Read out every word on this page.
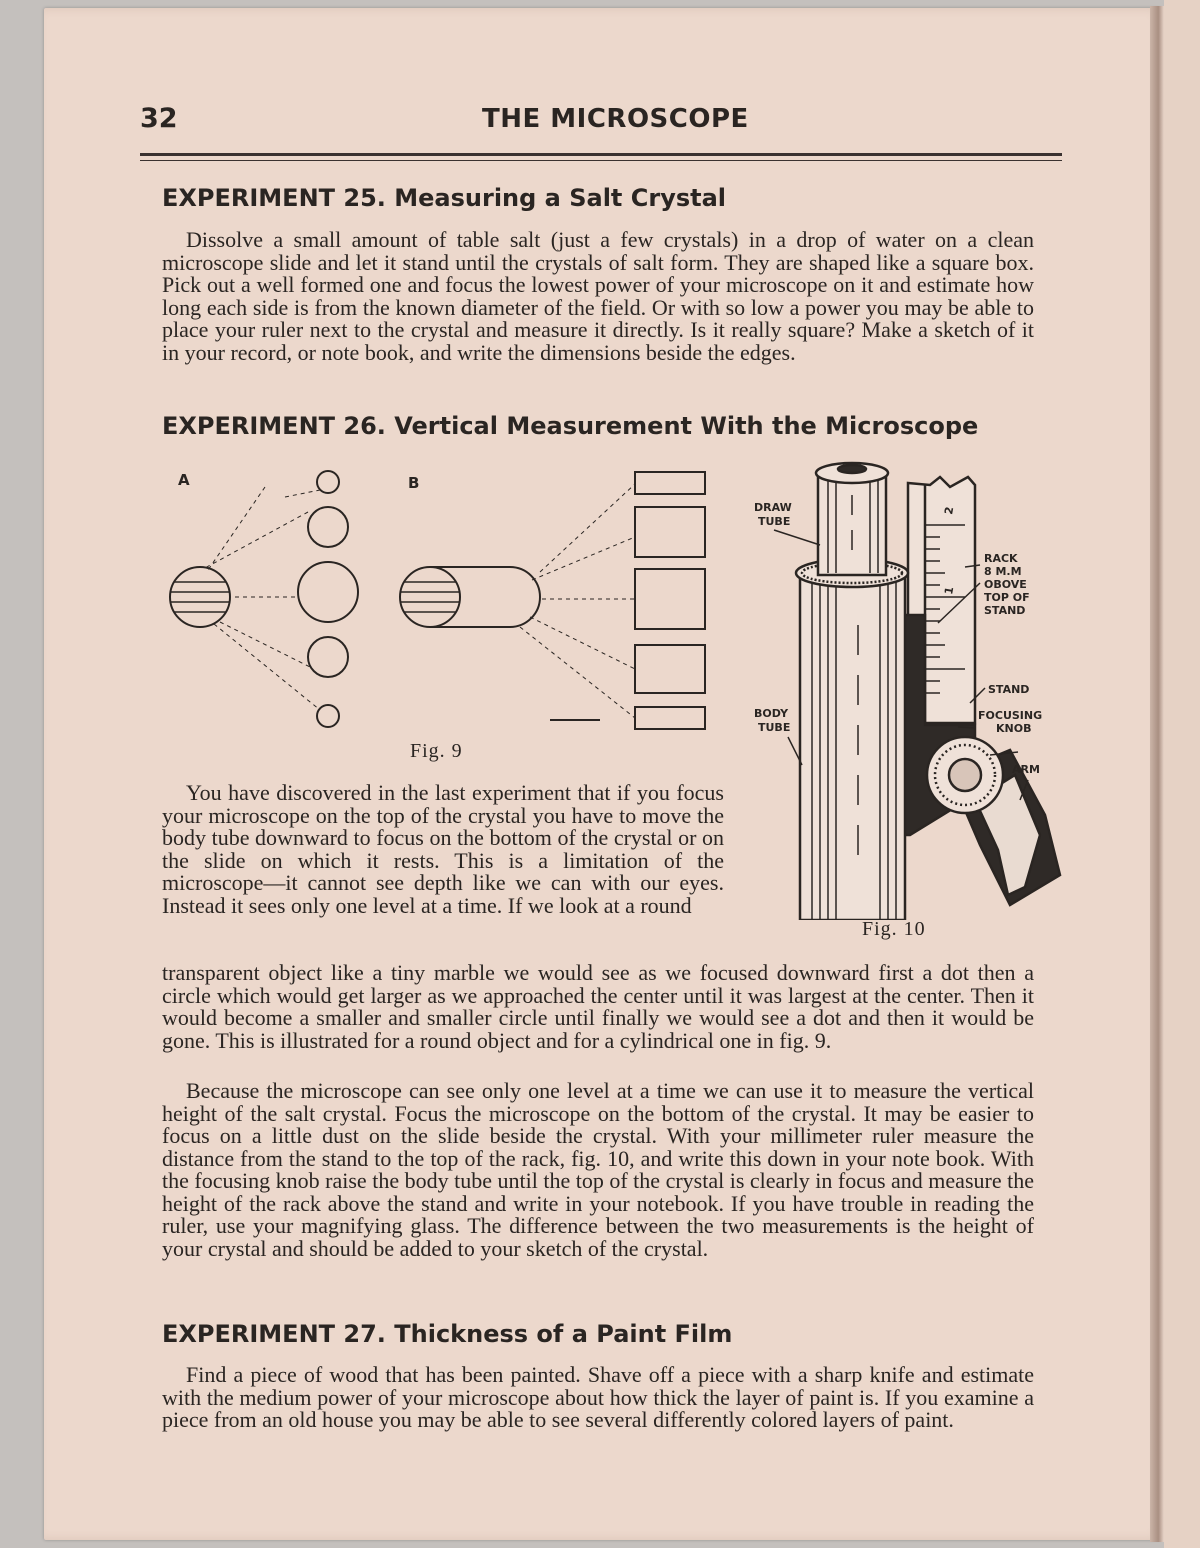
32	THE MICROSCOPE
EXPERIMENT 25. Measuring a Salt Crystal
Dissolve a small amount of table salt (just a few crystals) in a drop of water on a clean microscope slide and let it stand until the crystals of salt form. They are shaped like a square box. Pick out a well formed one and focus the lowest power of your microscope on it and estimate how long each side is from the known diameter of the field. Or with so low a power you may be able to place your ruler next to the crystal and measure it directly. Is it really square? Make a sketch of it in your record, or note book, and write the dimensions beside the edges.
EXPERIMENT 26. Vertical Measurement With the Microscope
A	B
Fig. 9
DRAW
TUBE
RACK
8 M.M
OBOVE
TOP OF
STAND
STAND
FOCUSING
KNOB
ARM
BODY
TUBE
2
1
Fig. 10
You have discovered in the last experiment that if you focus your microscope on the top of the crystal you have to move the body tube downward to focus on the bottom of the crystal or on the slide on which it rests. This is a limitation of the microscope—it cannot see depth like we can with our eyes. Instead it sees only one level at a time. If we look at a round
transparent object like a tiny marble we would see as we focused downward first a dot then a circle which would get larger as we approached the center until it was largest at the center. Then it would become a smaller and smaller circle until finally we would see a dot and then it would be gone. This is illustrated for a round object and for a cylindrical one in fig. 9.
Because the microscope can see only one level at a time we can use it to measure the vertical height of the salt crystal. Focus the microscope on the bottom of the crystal. It may be easier to focus on a little dust on the slide beside the crystal. With your millimeter ruler measure the distance from the stand to the top of the rack, fig. 10, and write this down in your note book. With the focusing knob raise the body tube until the top of the crystal is clearly in focus and measure the height of the rack above the stand and write in your notebook. If you have trouble in reading the ruler, use your magnifying glass. The difference between the two measurements is the height of your crystal and should be added to your sketch of the crystal.
EXPERIMENT 27. Thickness of a Paint Film
Find a piece of wood that has been painted. Shave off a piece with a sharp knife and estimate with the medium power of your microscope about how thick the layer of paint is. If you examine a piece from an old house you may be able to see several differently colored layers of paint.
